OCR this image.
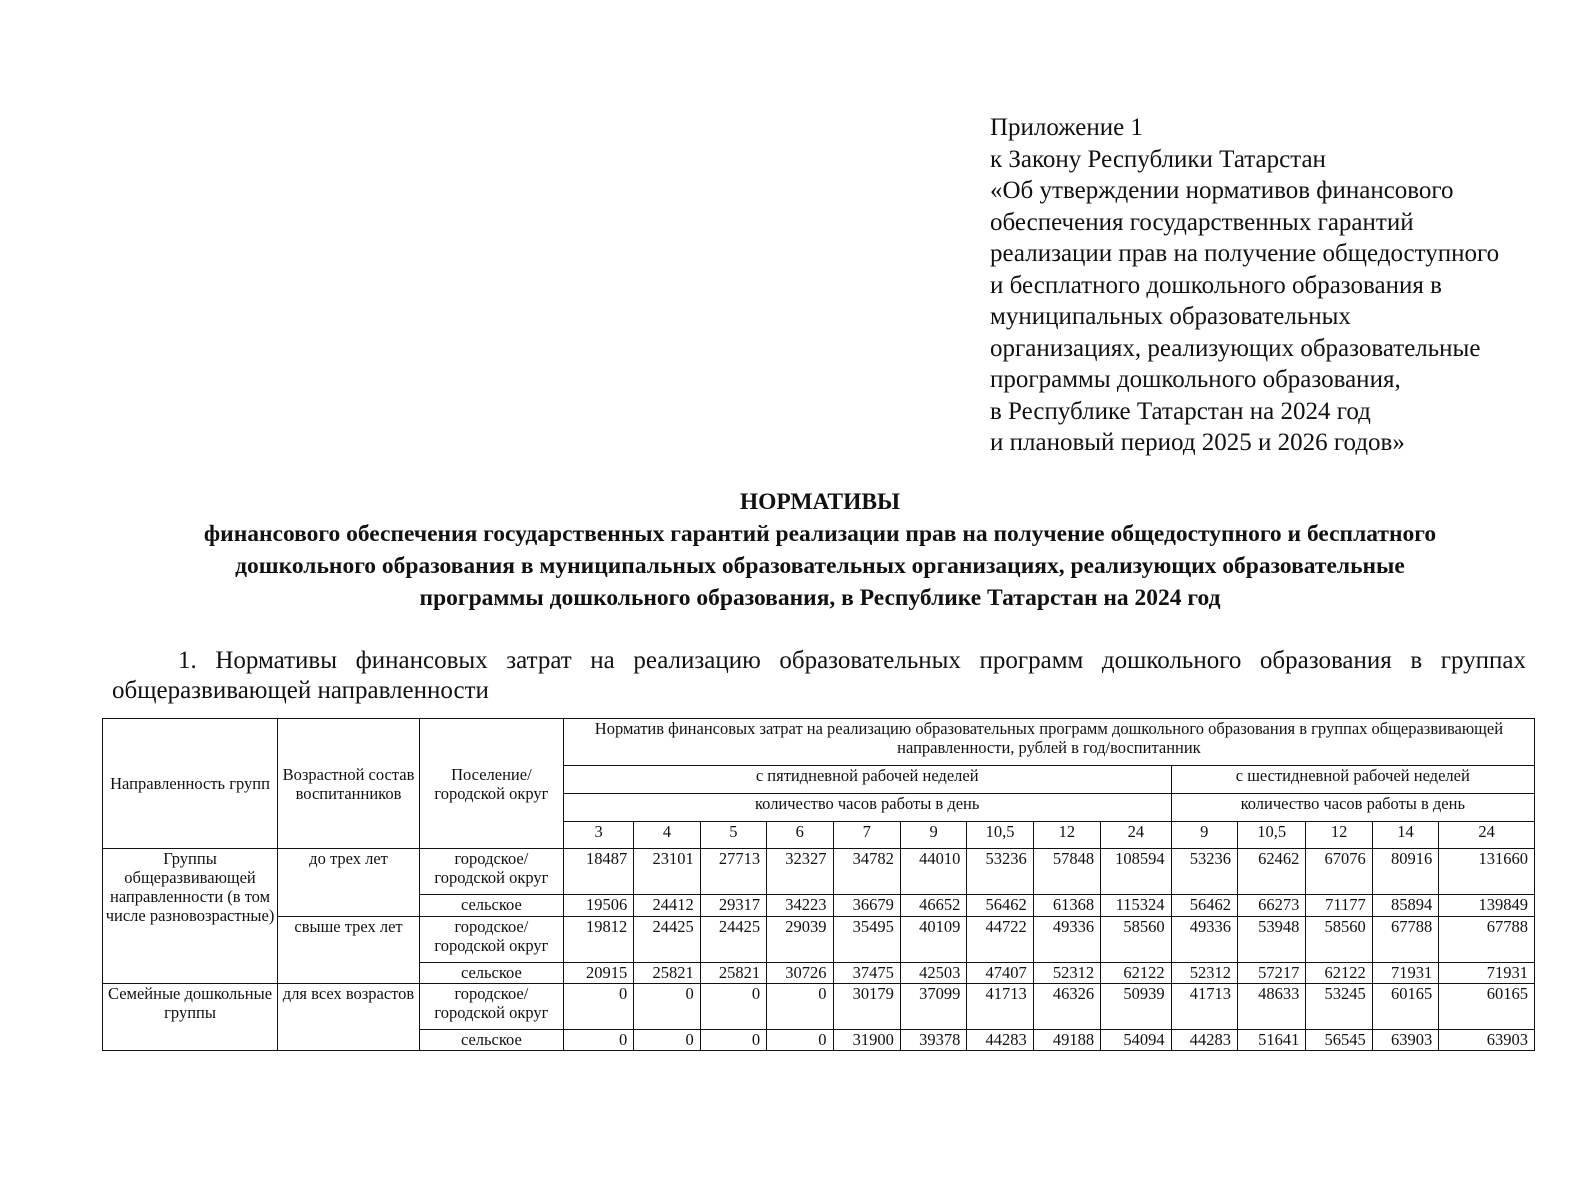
Приложение 1
к Закону Республики Татарстан
«Об утверждении нормативов финансового
обеспечения государственных гарантий
реализации прав на получение общедоступного
и бесплатного дошкольного образования в
муниципальных образовательных
организациях, реализующих образовательные
программы дошкольного образования,
в Республике Татарстан на 2024 год
и плановый период 2025 и 2026 годов»
НОРМАТИВЫ
финансового обеспечения государственных гарантий реализации прав на получение общедоступного и бесплатного
дошкольного образования в муниципальных образовательных организациях, реализующих образовательные
программы дошкольного образования, в Республике Татарстан на 2024 год
1. Нормативы финансовых затрат на реализацию образовательных программ дошкольного образования в группах
общеразвивающей направленности
Направленность групп	Возрастной состав воспитанников	Поселение/ городской округ	Норматив финансовых затрат на реализацию образовательных программ дошкольного образования в группах общеразвивающей направленности, рублей в год/воспитанник													
			с пятидневной рабочей неделей									с шестидневной рабочей неделей				
			количество часов работы в день									количество часов работы в день				
			3	4	5	6	7	9	10,5	12	24	9	10,5	12	14	24
Группы общеразвивающей направленности (в том числе разновозрастные)	до трех лет	городское/ городской округ	18487	23101	27713	32327	34782	44010	53236	57848	108594	53236	62462	67076	80916	131660
		сельское	19506	24412	29317	34223	36679	46652	56462	61368	115324	56462	66273	71177	85894	139849
	свыше трех лет	городское/ городской округ	19812	24425	24425	29039	35495	40109	44722	49336	58560	49336	53948	58560	67788	67788
		сельское	20915	25821	25821	30726	37475	42503	47407	52312	62122	52312	57217	62122	71931	71931
Семейные дошкольные группы	для всех возрастов	городское/ городской округ	0	0	0	0	30179	37099	41713	46326	50939	41713	48633	53245	60165	60165
		сельское	0	0	0	0	31900	39378	44283	49188	54094	44283	51641	56545	63903	63903
